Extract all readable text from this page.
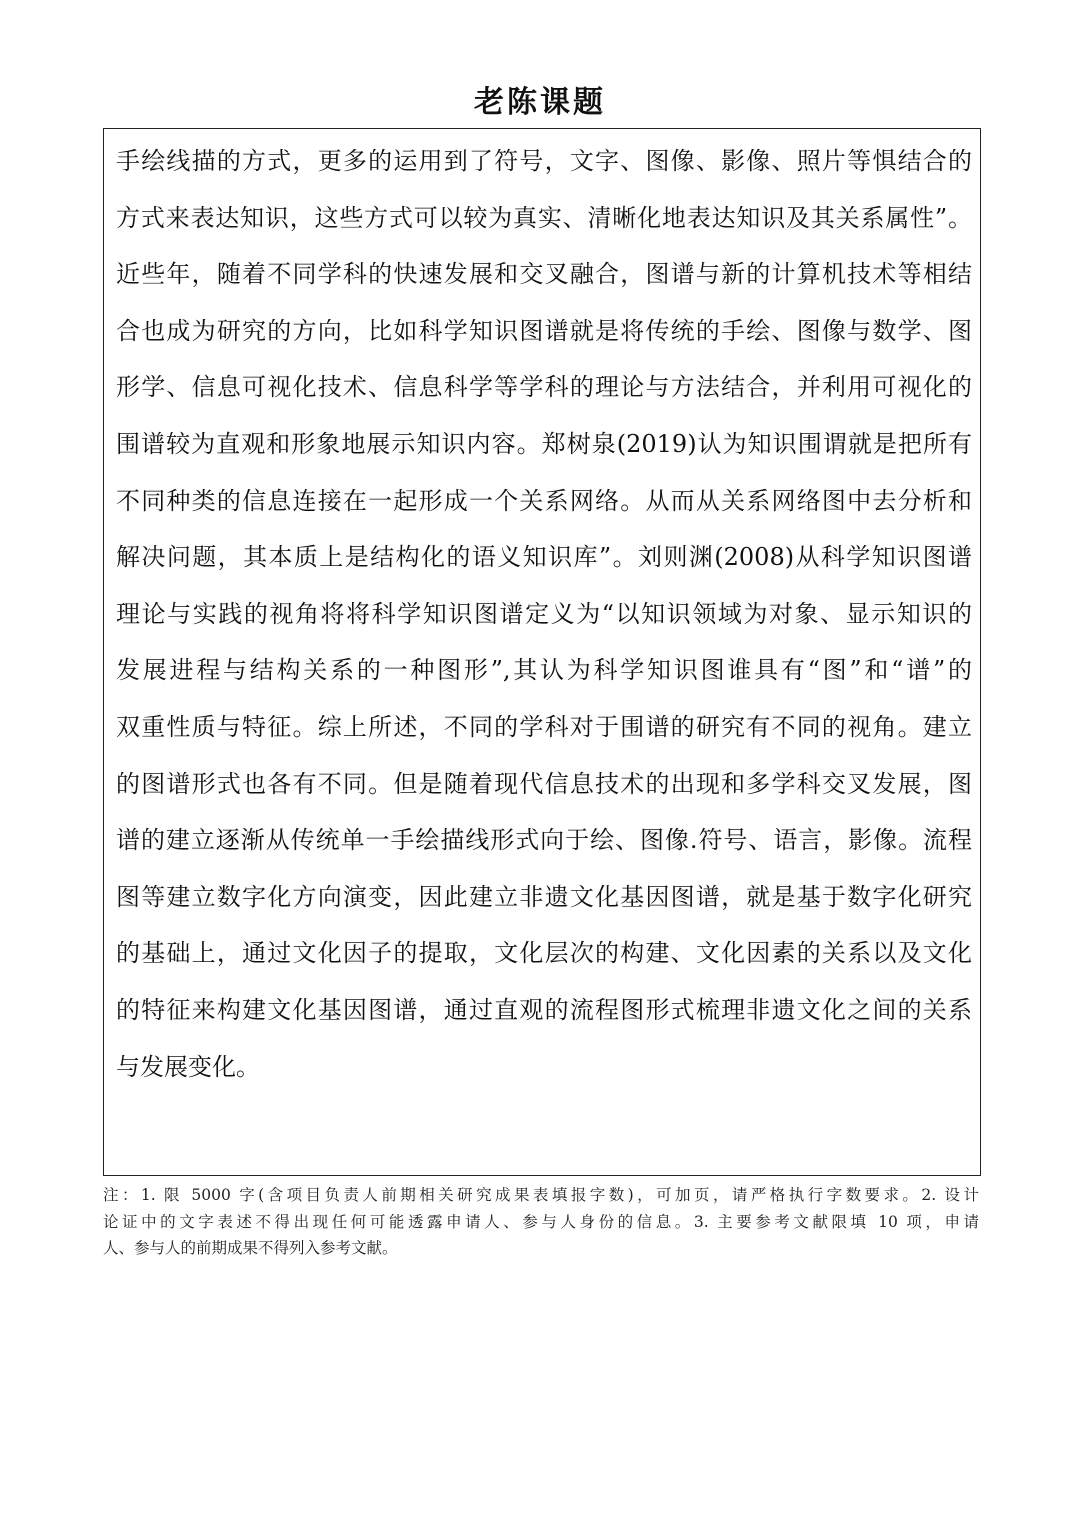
老陈课题
手绘线描的方式，更多的运用到了符号，文字、图像、影像、照片等惧结合的
方式来表达知识，这些方式可以较为真实、清晰化地表达知识及其关系属性”。
近些年，随着不同学科的快速发展和交叉融合，图谱与新的计算机技术等相结
合也成为研究的方向，比如科学知识图谱就是将传统的手绘、图像与数学、图
形学、信息可视化技术、信息科学等学科的理论与方法结合，并利用可视化的
围谱较为直观和形象地展示知识内容。郑树泉(2019)认为知识围谓就是把所有
不同种类的信息连接在一起形成一个关系网络。从而从关系网络图中去分析和
解决问题，其本质上是结构化的语义知识库”。刘则渊(2008)从科学知识图谱
理论与实践的视角将将科学知识图谱定义为“以知识领域为对象、显示知识的
发展进程与结构关系的一种图形”,其认为科学知识图谁具有“图”和“谱”的
双重性质与特征。综上所述，不同的学科对于围谱的研究有不同的视角。建立
的图谱形式也各有不同。但是随着现代信息技术的出现和多学科交叉发展，图
谱的建立逐渐从传统单一手绘描线形式向于绘、图像.符号、语言，影像。流程
图等建立数字化方向演变，因此建立非遗文化基因图谱，就是基于数字化研究
的基础上，通过文化因子的提取，文化层次的构建、文化因素的关系以及文化
的特征来构建文化基因图谱，通过直观的流程图形式梳理非遗文化之间的关系
与发展变化。
注：1. 限 5000 字(含项目负责人前期相关研究成果表填报字数)，可加页，请严格执行字数要求。2. 设计
论证中的文字表述不得出现任何可能透露申请人、参与人身份的信息。3. 主要参考文献限填 10 项，申请
人、参与人的前期成果不得列入参考文献。
